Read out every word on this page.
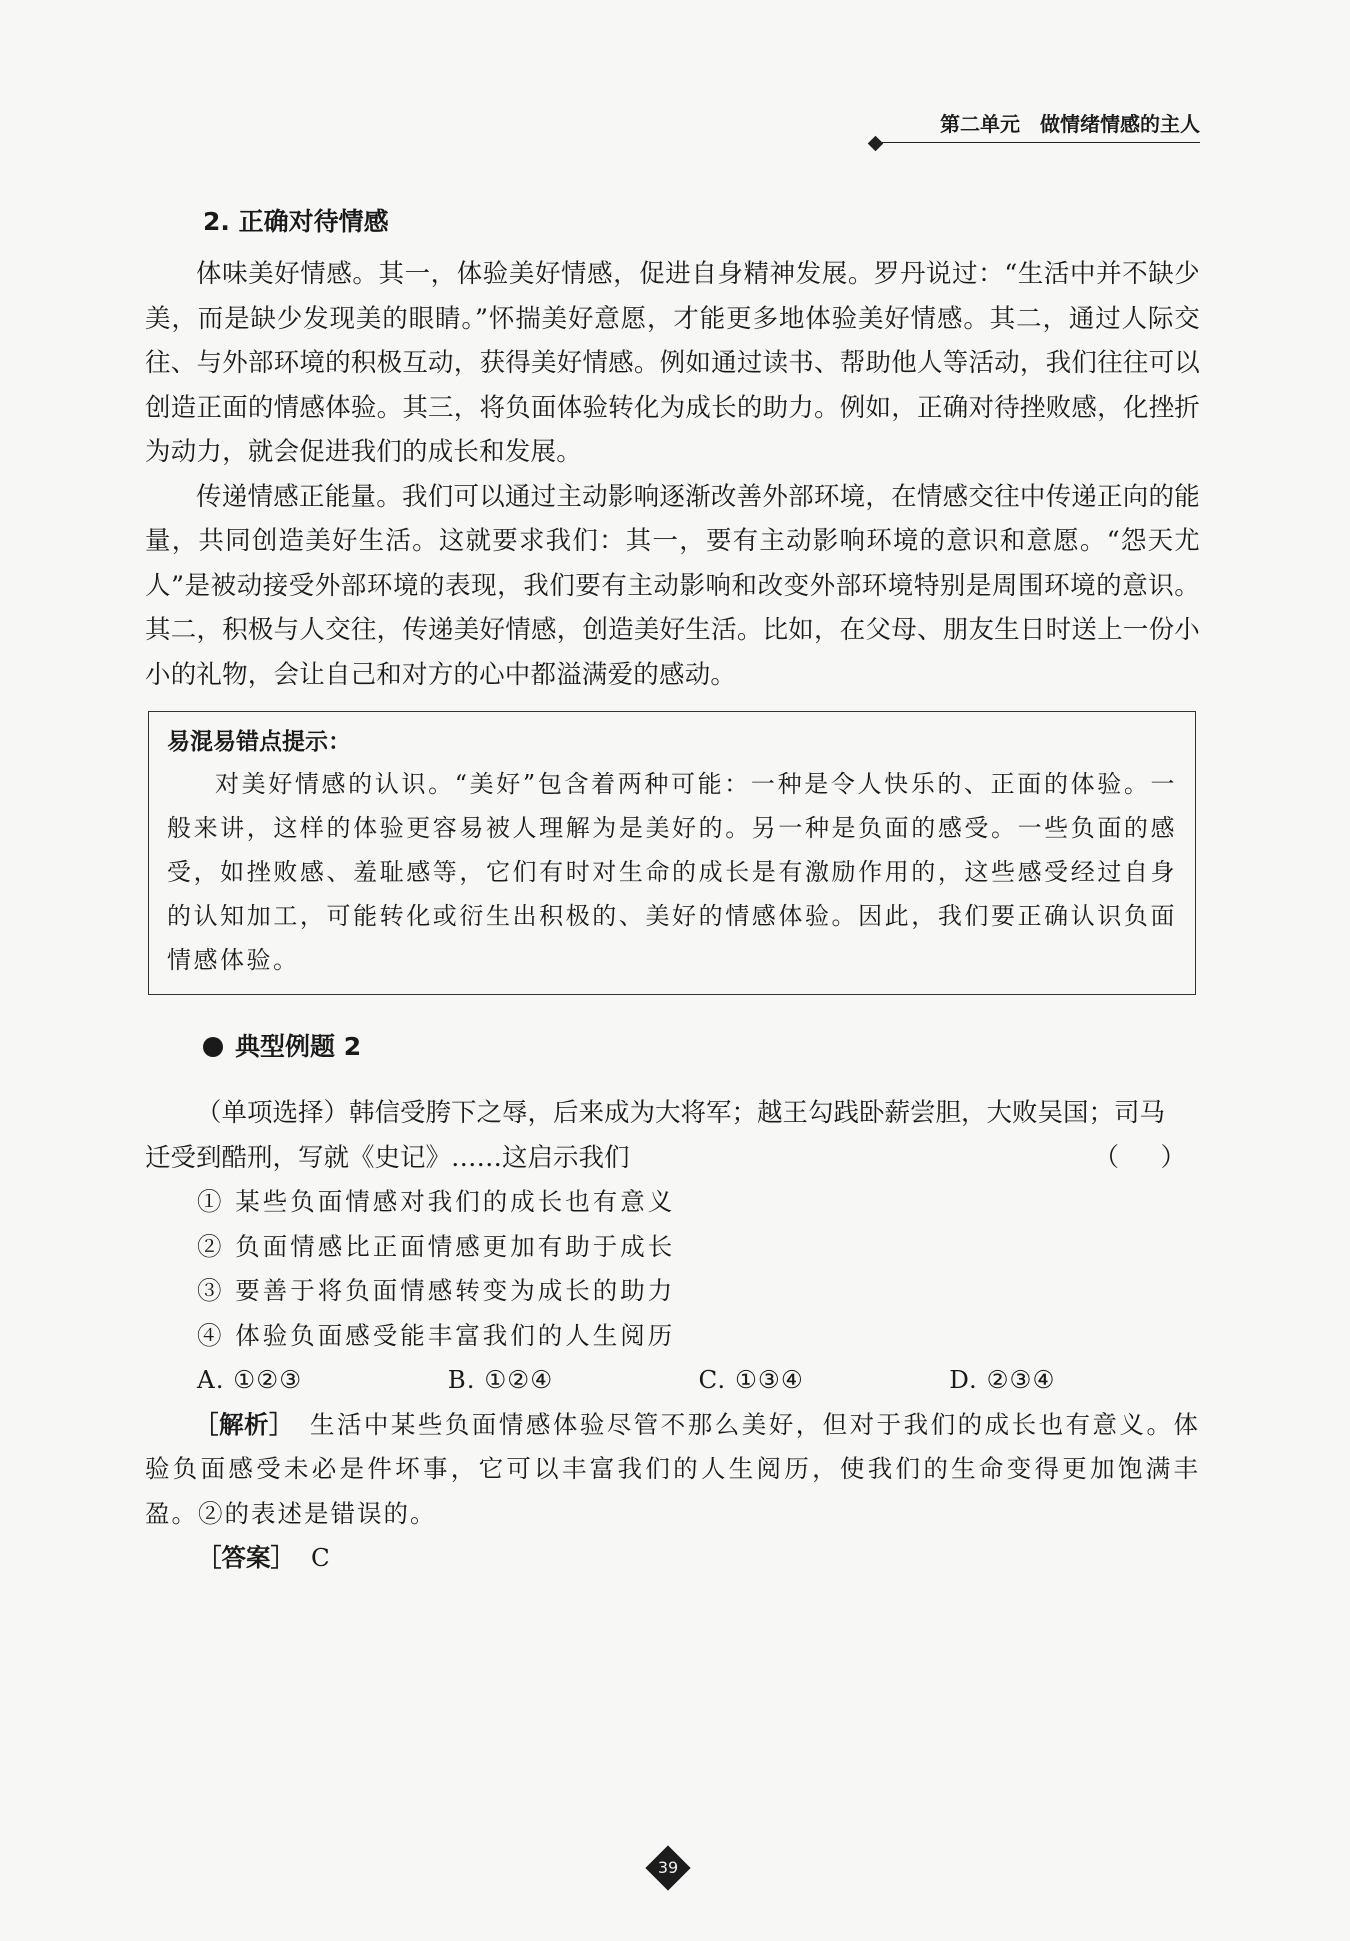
第二单元　做情绪情感的主人
2. 正确对待情感

体味美好情感。其一，体验美好情感，促进自身精神发展。罗丹说过：“生活中并不缺少美，而是缺少发现美的眼睛。”怀揣美好意愿，才能更多地体验美好情感。其二，通过人际交往、与外部环境的积极互动，获得美好情感。例如通过读书、帮助他人等活动，我们往往可以创造正面的情感体验。其三，将负面体验转化为成长的助力。例如，正确对待挫败感，化挫折为动力，就会促进我们的成长和发展。

传递情感正能量。我们可以通过主动影响逐渐改善外部环境，在情感交往中传递正向的能量，共同创造美好生活。这就要求我们：其一，要有主动影响环境的意识和意愿。“怨天尤人”是被动接受外部环境的表现，我们要有主动影响和改变外部环境特别是周围环境的意识。其二，积极与人交往，传递美好情感，创造美好生活。比如，在父母、朋友生日时送上一份小小的礼物，会让自己和对方的心中都溢满爱的感动。

易混易错点提示：

对美好情感的认识。“美好”包含着两种可能：一种是令人快乐的、正面的体验。一般来讲，这样的体验更容易被人理解为是美好的。另一种是负面的感受。一些负面的感受，如挫败感、羞耻感等，它们有时对生命的成长是有激励作用的，这些感受经过自身的认知加工，可能转化或衍生出积极的、美好的情感体验。因此，我们要正确认识负面情感体验。

典型例题 2

（单项选择）韩信受胯下之辱，后来成为大将军；越王勾践卧薪尝胆，大败吴国；司马

迁受到酷刑，写就《史记》……这启示我们	（　）

① 某些负面情感对我们的成长也有意义

② 负面情感比正面情感更加有助于成长

③ 要善于将负面情感转变为成长的助力

④ 体验负面感受能丰富我们的人生阅历

A. ①②③	B. ①②④	C. ①③④	D. ②③④

［解析］ 生活中某些负面情感体验尽管不那么美好，但对于我们的成长也有意义。体验负面感受未必是件坏事，它可以丰富我们的人生阅历，使我们的生命变得更加饱满丰盈。②的表述是错误的。

［答案］ C

39
